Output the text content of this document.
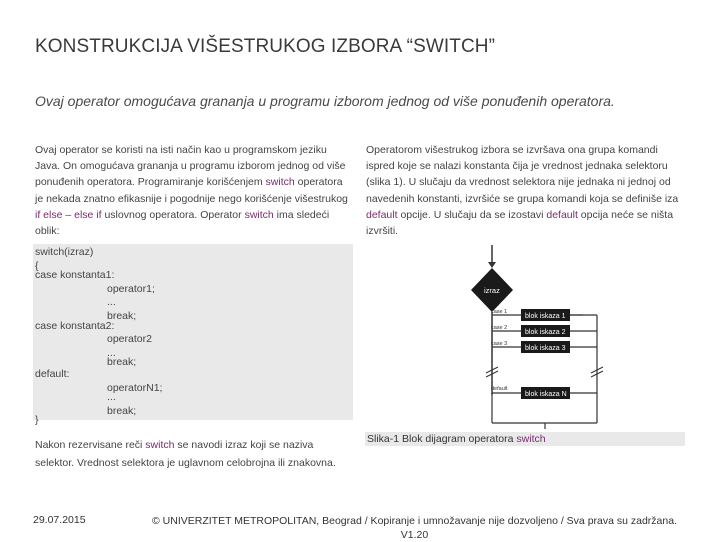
KONSTRUKCIJA VIŠESTRUKOG IZBORA “SWITCH”
Ovaj operator omogućava grananja u programu izborom jednog od više ponuđenih operatora.
Ovaj operator se koristi na isti način kao u programskom jeziku Java. On omogućava grananja u programu izborom jednog od više ponuđenih operatora. Programiranje korišćenjem switch operatora je nekada znatno efikasnije i pogodnije nego korišćenje višestrukog if else – else if uslovnog operatora. Operator switch ima sledeći oblik:
Operatorom višestrukog izbora se izvršava ona grupa komandi ispred koje se nalazi konstanta čija je vrednost jednaka selektoru (slika 1). U slučaju da vrednost selektora nije jednaka ni jednoj od navedenih konstanti, izvršiće se grupa komandi koja se definiše iza default opcije. U slučaju da se izostavi default opcija neće se ništa izvršiti.
switch(izraz)
{
case konstanta1:
operator1;
...
break;
case konstanta2:
operator2
...
break;
default:
operatorN1;
...
break;
}
Nakon rezervisane reči switch se navodi izraz koji se naziva selektor. Vrednost selektora je uglavnom celobrojna ili znakovna.
izraz
case 1
blok iskaza 1
case 2
blok iskaza 2
case 3
blok iskaza 3
default
blok iskaza N
Slika-1 Blok dijagram operatora switch
29.07.2015	© UNIVERZITET METROPOLITAN, Beograd / Kopiranje i umnožavanje nije dozvoljeno / Sva prava su zadržana. V1.20
